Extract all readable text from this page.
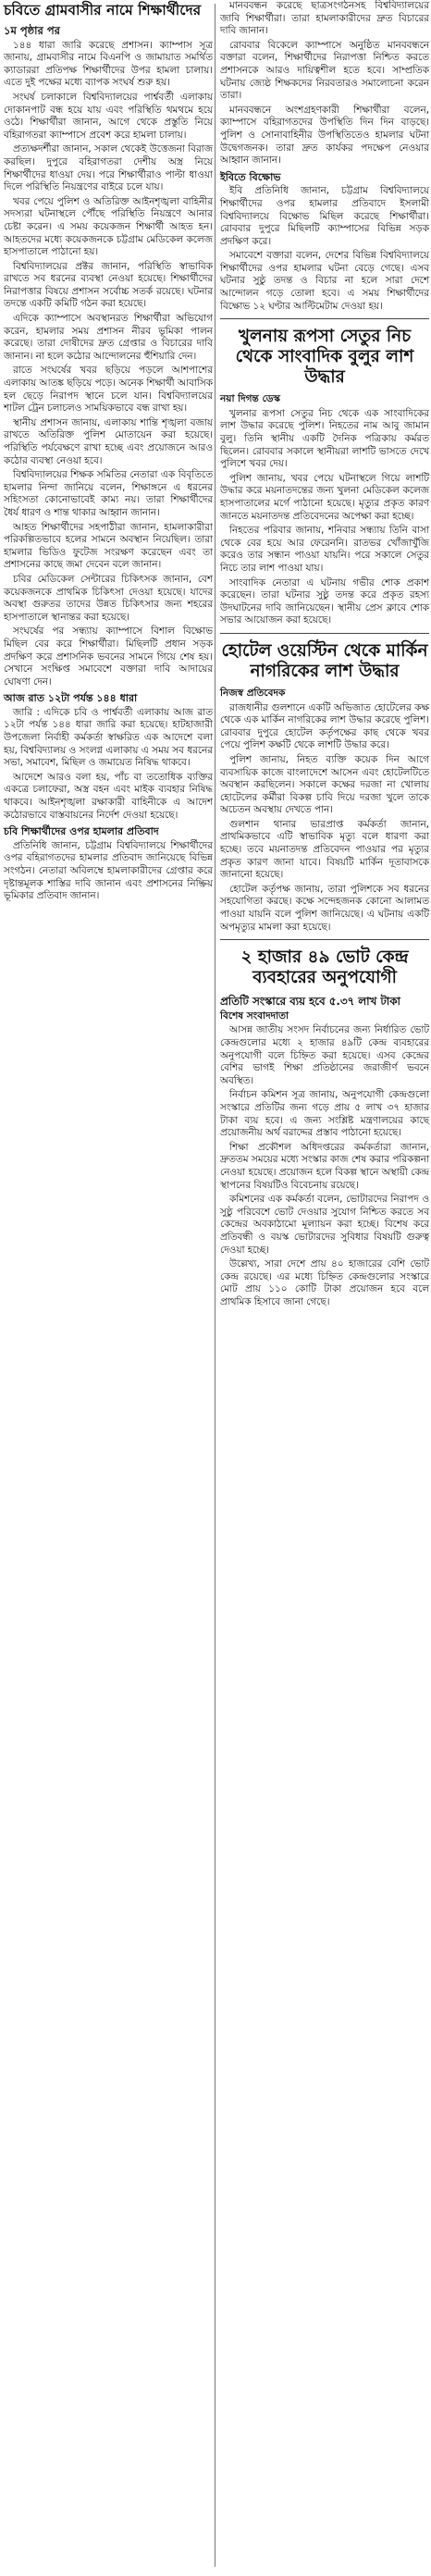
চবিতে গ্রামবাসীর নামে শিক্ষার্থীদের
১ম পৃষ্ঠার পর

১৪৪ ধারা জারি করেছে প্রশাসন। ক্যাম্পাস সূত্র জানায়, গ্রামবাসীর নামে বিএনপি ও জামায়াত সমর্থিত ক্যাডাররা প্রতিপক্ষ শিক্ষার্থীদের উপর হামলা চালায়। এতে দুই পক্ষের মধ্যে ব্যাপক সংঘর্ষ শুরু হয়।

সংঘর্ষ চলাকালে বিশ্ববিদ্যালয়ের পার্শ্ববর্তী এলাকায় দোকানপাট বন্ধ হয়ে যায় এবং পরিস্থিতি থমথমে হয়ে ওঠে। শিক্ষার্থীরা জানান, আগে থেকে প্রস্তুতি নিয়ে বহিরাগতরা ক্যাম্পাসে প্রবেশ করে হামলা চালায়।

প্রত্যক্ষদর্শীরা জানান, সকাল থেকেই উত্তেজনা বিরাজ করছিল। দুপুরে বহিরাগতরা দেশীয় অস্ত্র নিয়ে শিক্ষার্থীদের ধাওয়া দেয়। পরে শিক্ষার্থীরাও পাল্টা ধাওয়া দিলে পরিস্থিতি নিয়ন্ত্রণের বাইরে চলে যায়।

খবর পেয়ে পুলিশ ও অতিরিক্ত আইনশৃঙ্খলা বাহিনীর সদস্যরা ঘটনাস্থলে পৌঁছে পরিস্থিতি নিয়ন্ত্রণে আনার চেষ্টা করেন। এ সময় কয়েকজন শিক্ষার্থী আহত হন। আহতদের মধ্যে কয়েকজনকে চট্টগ্রাম মেডিকেল কলেজ হাসপাতালে পাঠানো হয়।

বিশ্ববিদ্যালয়ের প্রক্টর জানান, পরিস্থিতি স্বাভাবিক রাখতে সব ধরনের ব্যবস্থা নেওয়া হয়েছে। শিক্ষার্থীদের নিরাপত্তার বিষয়ে প্রশাসন সর্বোচ্চ সতর্ক রয়েছে। ঘটনার তদন্তে একটি কমিটি গঠন করা হয়েছে।

এদিকে ক্যাম্পাসে অবস্থানরত শিক্ষার্থীরা অভিযোগ করেন, হামলার সময় প্রশাসন নীরব ভূমিকা পালন করেছে। তারা দোষীদের দ্রুত গ্রেপ্তার ও বিচারের দাবি জানান। না হলে কঠোর আন্দোলনের হুঁশিয়ারি দেন।

রাতে সংঘর্ষের খবর ছড়িয়ে পড়লে আশপাশের এলাকায় আতঙ্ক ছড়িয়ে পড়ে। অনেক শিক্ষার্থী আবাসিক হল ছেড়ে নিরাপদ স্থানে চলে যান। বিশ্ববিদ্যালয়ের শাটল ট্রেন চলাচলও সাময়িকভাবে বন্ধ রাখা হয়।

স্থানীয় প্রশাসন জানায়, এলাকায় শান্তি শৃঙ্খলা বজায় রাখতে অতিরিক্ত পুলিশ মোতায়েন করা হয়েছে। পরিস্থিতি পর্যবেক্ষণে রাখা হচ্ছে এবং প্রয়োজনে আরও কঠোর ব্যবস্থা নেওয়া হবে।

বিশ্ববিদ্যালয়ের শিক্ষক সমিতির নেতারা এক বিবৃতিতে হামলার নিন্দা জানিয়ে বলেন, শিক্ষাঙ্গনে এ ধরনের সহিংসতা কোনোভাবেই কাম্য নয়। তারা শিক্ষার্থীদের ধৈর্য ধারণ ও শান্ত থাকার আহ্বান জানান।

আহত শিক্ষার্থীদের সহপাঠীরা জানান, হামলাকারীরা পরিকল্পিতভাবে হলের সামনে অবস্থান নিয়েছিল। তারা হামলার ভিডিও ফুটেজ সংরক্ষণ করেছেন এবং তা প্রশাসনের কাছে জমা দেবেন বলে জানান।

চবির মেডিকেল সেন্টারের চিকিৎসক জানান, বেশ কয়েকজনকে প্রাথমিক চিকিৎসা দেওয়া হয়েছে। যাদের অবস্থা গুরুতর তাদের উন্নত চিকিৎসার জন্য শহরের হাসপাতালে স্থানান্তর করা হয়েছে।

সংঘর্ষের পর সন্ধ্যায় ক্যাম্পাসে বিশাল বিক্ষোভ মিছিল বের করে শিক্ষার্থীরা। মিছিলটি প্রধান সড়ক প্রদক্ষিণ করে প্রশাসনিক ভবনের সামনে গিয়ে শেষ হয়। সেখানে সংক্ষিপ্ত সমাবেশে বক্তারা দাবি আদায়ের ঘোষণা দেন।

আজ রাত ১২টা পর্যন্ত ১৪৪ ধারা

জারি : এদিকে চবি ও পার্শ্ববর্তী এলাকায় আজ রাত ১২টা পর্যন্ত ১৪৪ ধারা জারি করা হয়েছে। হাটহাজারী উপজেলা নির্বাহী কর্মকর্তা স্বাক্ষরিত এক আদেশে বলা হয়, বিশ্ববিদ্যালয় ও সংলগ্ন এলাকায় এ সময় সব ধরনের সভা, সমাবেশ, মিছিল ও জমায়েত নিষিদ্ধ থাকবে।

আদেশে আরও বলা হয়, পাঁচ বা ততোধিক ব্যক্তির একত্রে চলাফেরা, অস্ত্র বহন এবং মাইক ব্যবহার নিষিদ্ধ থাকবে। আইনশৃঙ্খলা রক্ষাকারী বাহিনীকে এ আদেশ কঠোরভাবে বাস্তবায়নের নির্দেশ দেওয়া হয়েছে।

চবি শিক্ষার্থীদের ওপর হামলার প্রতিবাদ

প্রতিনিধি জানান, চট্টগ্রাম বিশ্ববিদ্যালয়ে শিক্ষার্থীদের ওপর বহিরাগতদের হামলার প্রতিবাদ জানিয়েছে বিভিন্ন সংগঠন। নেতারা অবিলম্বে হামলাকারীদের গ্রেপ্তার করে দৃষ্টান্তমূলক শাস্তির দাবি জানান এবং প্রশাসনের নিষ্ক্রিয় ভূমিকার প্রতিবাদ জানান।

মানববন্ধন করেছে ছাত্রসংগঠনসহ বিশ্ববিদ্যালয়ের জাবি শিক্ষার্থীরা। তারা হামলাকারীদের দ্রুত বিচারের দাবি জানান।

রোববার বিকেলে ক্যাম্পাসে অনুষ্ঠিত মানববন্ধনে বক্তারা বলেন, শিক্ষার্থীদের নিরাপত্তা নিশ্চিত করতে প্রশাসনকে আরও দায়িত্বশীল হতে হবে। সাম্প্রতিক ঘটনায় জ্যেষ্ঠ শিক্ষকদের নিরবতারও সমালোচনা করেন তারা।

মানববন্ধনে অংশগ্রহণকারী শিক্ষার্থীরা বলেন, ক্যাম্পাসে বহিরাগতদের উপস্থিতি দিন দিন বাড়ছে। পুলিশ ও সোনাবাহিনীর উপস্থিতিতেও হামলার ঘটনা উদ্বেগজনক। তারা দ্রুত কার্যকর পদক্ষেপ নেওয়ার আহ্বান জানান।

ইবিতে বিক্ষোভ

ইবি প্রতিনিধি জানান, চট্টগ্রাম বিশ্ববিদ্যালয়ে শিক্ষার্থীদের ওপর হামলার প্রতিবাদে ইসলামী বিশ্ববিদ্যালয়ে বিক্ষোভ মিছিল করেছে শিক্ষার্থীরা। রোববার দুপুরে মিছিলটি ক্যাম্পাসের বিভিন্ন সড়ক প্রদক্ষিণ করে।

সমাবেশে বক্তারা বলেন, দেশের বিভিন্ন বিশ্ববিদ্যালয়ে শিক্ষার্থীদের ওপর হামলার ঘটনা বেড়ে গেছে। এসব ঘটনার সুষ্ঠু তদন্ত ও বিচার না হলে সারা দেশে আন্দোলন গড়ে তোলা হবে। এ সময় শিক্ষার্থীদের বিক্ষোভ ১২ ঘণ্টার আল্টিমেটাম দেওয়া হয়।

খুলনায় রূপসা সেতুর নিচ থেকে সাংবাদিক বুলুর লাশ উদ্ধার
নয়া দিগন্ত ডেস্ক

খুলনার রূপসা সেতুর নিচ থেকে এক সাংবাদিকের লাশ উদ্ধার করেছে পুলিশ। নিহতের নাম আবু জামান বুলু। তিনি স্থানীয় একটি দৈনিক পত্রিকায় কর্মরত ছিলেন। রোববার সকালে স্থানীয়রা লাশটি ভাসতে দেখে পুলিশে খবর দেয়।

পুলিশ জানায়, খবর পেয়ে ঘটনাস্থলে গিয়ে লাশটি উদ্ধার করে ময়নাতদন্তের জন্য খুলনা মেডিকেল কলেজ হাসপাতালের মর্গে পাঠানো হয়েছে। মৃত্যুর প্রকৃত কারণ জানতে ময়নাতদন্ত প্রতিবেদনের অপেক্ষা করা হচ্ছে।

নিহতের পরিবার জানায়, শনিবার সন্ধ্যায় তিনি বাসা থেকে বের হয়ে আর ফেরেননি। রাতভর খোঁজাখুঁজি করেও তার সন্ধান পাওয়া যায়নি। পরে সকালে সেতুর নিচে তার লাশ পাওয়া যায়।

সাংবাদিক নেতারা এ ঘটনায় গভীর শোক প্রকাশ করেছেন। তারা ঘটনার সুষ্ঠু তদন্ত করে প্রকৃত রহস্য উদঘাটনের দাবি জানিয়েছেন। স্থানীয় প্রেস ক্লাবে শোক সভার আয়োজন করা হয়েছে।

হোটেল ওয়েস্টিন থেকে মার্কিন নাগরিকের লাশ উদ্ধার
নিজস্ব প্রতিবেদক

রাজধানীর গুলশানে একটি অভিজাত হোটেলের কক্ষ থেকে এক মার্কিন নাগরিকের লাশ উদ্ধার করেছে পুলিশ। রোববার দুপুরে হোটেল কর্তৃপক্ষের কাছ থেকে খবর পেয়ে পুলিশ কক্ষটি থেকে লাশটি উদ্ধার করে।

পুলিশ জানায়, নিহত ব্যক্তি কয়েক দিন আগে ব্যবসায়িক কাজে বাংলাদেশে আসেন এবং হোটেলটিতে অবস্থান করছিলেন। সকালে কক্ষের দরজা না খোলায় হোটেলের কর্মীরা বিকল্প চাবি দিয়ে দরজা খুলে তাকে অচেতন অবস্থায় দেখতে পান।

গুলশান থানার ভারপ্রাপ্ত কর্মকর্তা জানান, প্রাথমিকভাবে এটি স্বাভাবিক মৃত্যু বলে ধারণা করা হচ্ছে। তবে ময়নাতদন্ত প্রতিবেদন পাওয়ার পর মৃত্যুর প্রকৃত কারণ জানা যাবে। বিষয়টি মার্কিন দূতাবাসকে জানানো হয়েছে।

হোটেল কর্তৃপক্ষ জানায়, তারা পুলিশকে সব ধরনের সহযোগিতা করছে। কক্ষে সন্দেহজনক কোনো আলামত পাওয়া যায়নি বলে পুলিশ জানিয়েছে। এ ঘটনায় একটি অপমৃত্যুর মামলা করা হয়েছে।

২ হাজার ৪৯ ভোট কেন্দ্র ব্যবহারের অনুপযোগী
প্রতিটি সংস্কারে ব্যয় হবে ৫.৩৭ লাখ টাকা
বিশেষ সংবাদদাতা

আসন্ন জাতীয় সংসদ নির্বাচনের জন্য নির্ধারিত ভোট কেন্দ্রগুলোর মধ্যে ২ হাজার ৪৯টি কেন্দ্র ব্যবহারের অনুপযোগী বলে চিহ্নিত করা হয়েছে। এসব কেন্দ্রের বেশির ভাগই শিক্ষা প্রতিষ্ঠানের জরাজীর্ণ ভবনে অবস্থিত।

নির্বাচন কমিশন সূত্র জানায়, অনুপযোগী কেন্দ্রগুলো সংস্কারে প্রতিটির জন্য গড়ে প্রায় ৫ লাখ ৩৭ হাজার টাকা ব্যয় হবে। এ জন্য সংশ্লিষ্ট মন্ত্রণালয়ের কাছে প্রয়োজনীয় অর্থ বরাদ্দের প্রস্তাব পাঠানো হয়েছে।

শিক্ষা প্রকৌশল অধিদপ্তরের কর্মকর্তারা জানান, দ্রুততম সময়ের মধ্যে সংস্কার কাজ শেষ করার পরিকল্পনা নেওয়া হয়েছে। প্রয়োজন হলে বিকল্প স্থানে অস্থায়ী কেন্দ্র স্থাপনের বিষয়টিও বিবেচনায় রয়েছে।

কমিশনের এক কর্মকর্তা বলেন, ভোটারদের নিরাপদ ও সুষ্ঠু পরিবেশে ভোট দেওয়ার সুযোগ নিশ্চিত করতে সব কেন্দ্রের অবকাঠামো মূল্যায়ন করা হচ্ছে। বিশেষ করে প্রতিবন্ধী ও বয়স্ক ভোটারদের সুবিধার বিষয়টি গুরুত্ব দেওয়া হচ্ছে।

উল্লেখ্য, সারা দেশে প্রায় ৪০ হাজারের বেশি ভোট কেন্দ্র রয়েছে। এর মধ্যে চিহ্নিত কেন্দ্রগুলোর সংস্কারে মোট প্রায় ১১০ কোটি টাকা প্রয়োজন হবে বলে প্রাথমিক হিসাবে জানা গেছে।
